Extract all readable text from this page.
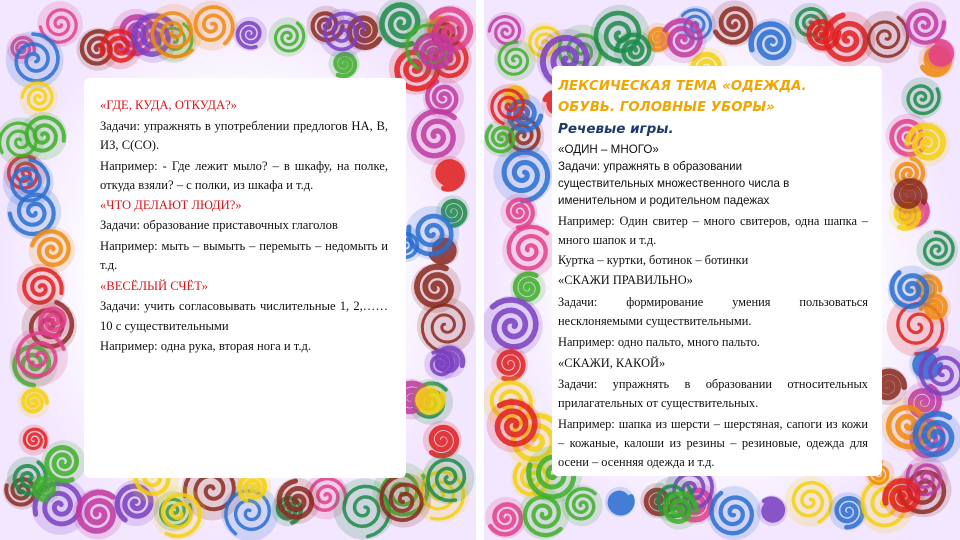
«ГДЕ, КУДА, ОТКУДА?»

Задачи: упражнять в употреблении предлогов НА, В, ИЗ, С(СО).

Например: - Где лежит мыло? – в шкафу, на полке, откуда взяли? – с полки, из шкафа и т.д.

«ЧТО ДЕЛАЮТ ЛЮДИ?»

Задачи: образование приставочных глаголов

Например: мыть – вымыть – перемыть – недомыть и т.д.

«ВЕСЁЛЫЙ СЧЁТ»

Задачи: учить согласовывать числительные 1, 2,……10 с существительными

Например: одна рука, вторая нога и т.д.

ЛЕКСИЧЕСКАЯ ТЕМА «ОДЕЖДА. ОБУВЬ. ГОЛОВНЫЕ УБОРЫ»

Речевые игры.

«ОДИН – МНОГО»

Задачи: упражнять в образовании существительных множественного числа в именительном и родительном падежах

Например: Один свитер – много свитеров, одна шапка – много шапок и т.д.

Куртка – куртки, ботинок – ботинки

«СКАЖИ ПРАВИЛЬНО»

Задачи: формирование умения пользоваться несклоняемыми существительными.

Например: одно пальто, много пальто.

«СКАЖИ, КАКОЙ»

Задачи: упражнять в образовании относительных прилагательных от существительных.

Например: шапка из шерсти – шерстяная, сапоги из кожи – кожаные, калоши из резины – резиновые, одежда для осени – осенняя одежда и т.д.
